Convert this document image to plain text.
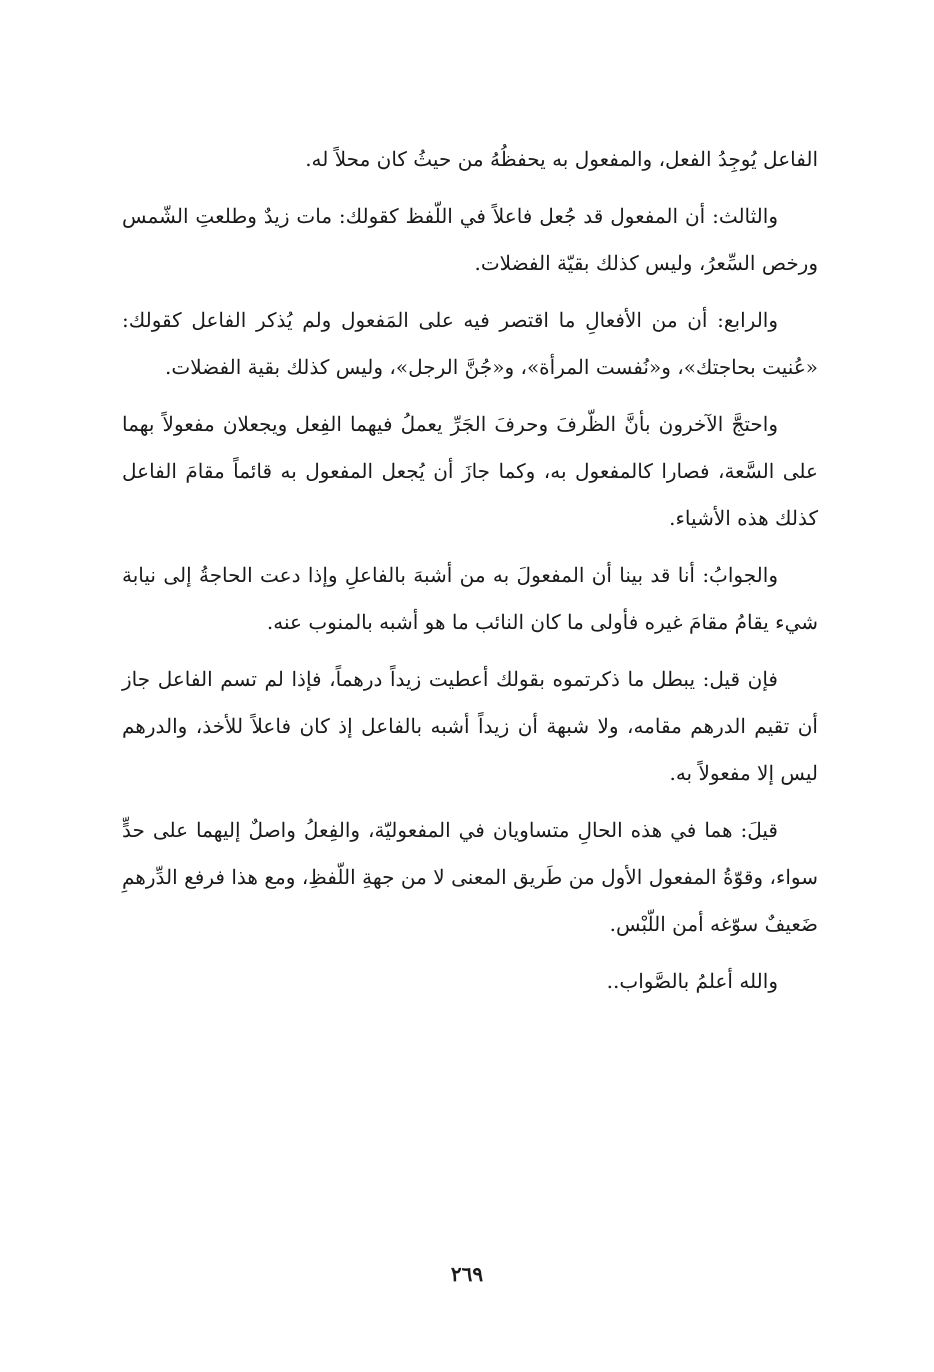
الفاعل يُوجِدُ الفعل، والمفعول به يحفظُهُ من حيثُ كان محلاً له.

والثالث: أن المفعول قد جُعل فاعلاً في اللّفظ كقولك: مات زيدٌ وطلعتِ الشّمس ورخص السِّعرُ، وليس كذلك بقيّة الفضلات.

والرابع: أن من الأفعالِ ما اقتصر فيه على المَفعول ولم يُذكر الفاعل كقولك: «عُنيت بحاجتك»، و«نُفست المرأة»، و«جُنَّ الرجل»، وليس كذلك بقية الفضلات.

واحتجَّ الآخرون بأنَّ الظّرفَ وحرفَ الجَرِّ يعملُ فيهما الفِعل ويجعلان مفعولاً بهما على السَّعة، فصارا كالمفعول به، وكما جازَ أن يُجعل المفعول به قائماً مقامَ الفاعل كذلك هذه الأشياء.

والجوابُ: أنا قد بينا أن المفعولَ به من أشبهَ بالفاعلِ وإذا دعت الحاجةُ إلى نيابة شيء يقامُ مقامَ غيره فأولى ما كان النائب ما هو أشبه بالمنوب عنه.

فإن قيل: يبطل ما ذكرتموه بقولك أعطيت زيداً درهماً، فإذا لم تسم الفاعل جاز أن تقيم الدرهم مقامه، ولا شبهة أن زيداً أشبه بالفاعل إذ كان فاعلاً للأخذ، والدرهم ليس إلا مفعولاً به.

قيلَ: هما في هذه الحالِ متساويان في المفعوليّة، والفِعلُ واصلٌ إليهما على حدٍّ سواء، وقوّةُ المفعول الأول من طَريق المعنى لا من جهةِ اللّفظِ، ومع هذا فرفع الدِّرهمِ ضَعيفٌ سوّغه أمن اللّبْس.

والله أعلمُ بالصَّواب..

٢٦٩
